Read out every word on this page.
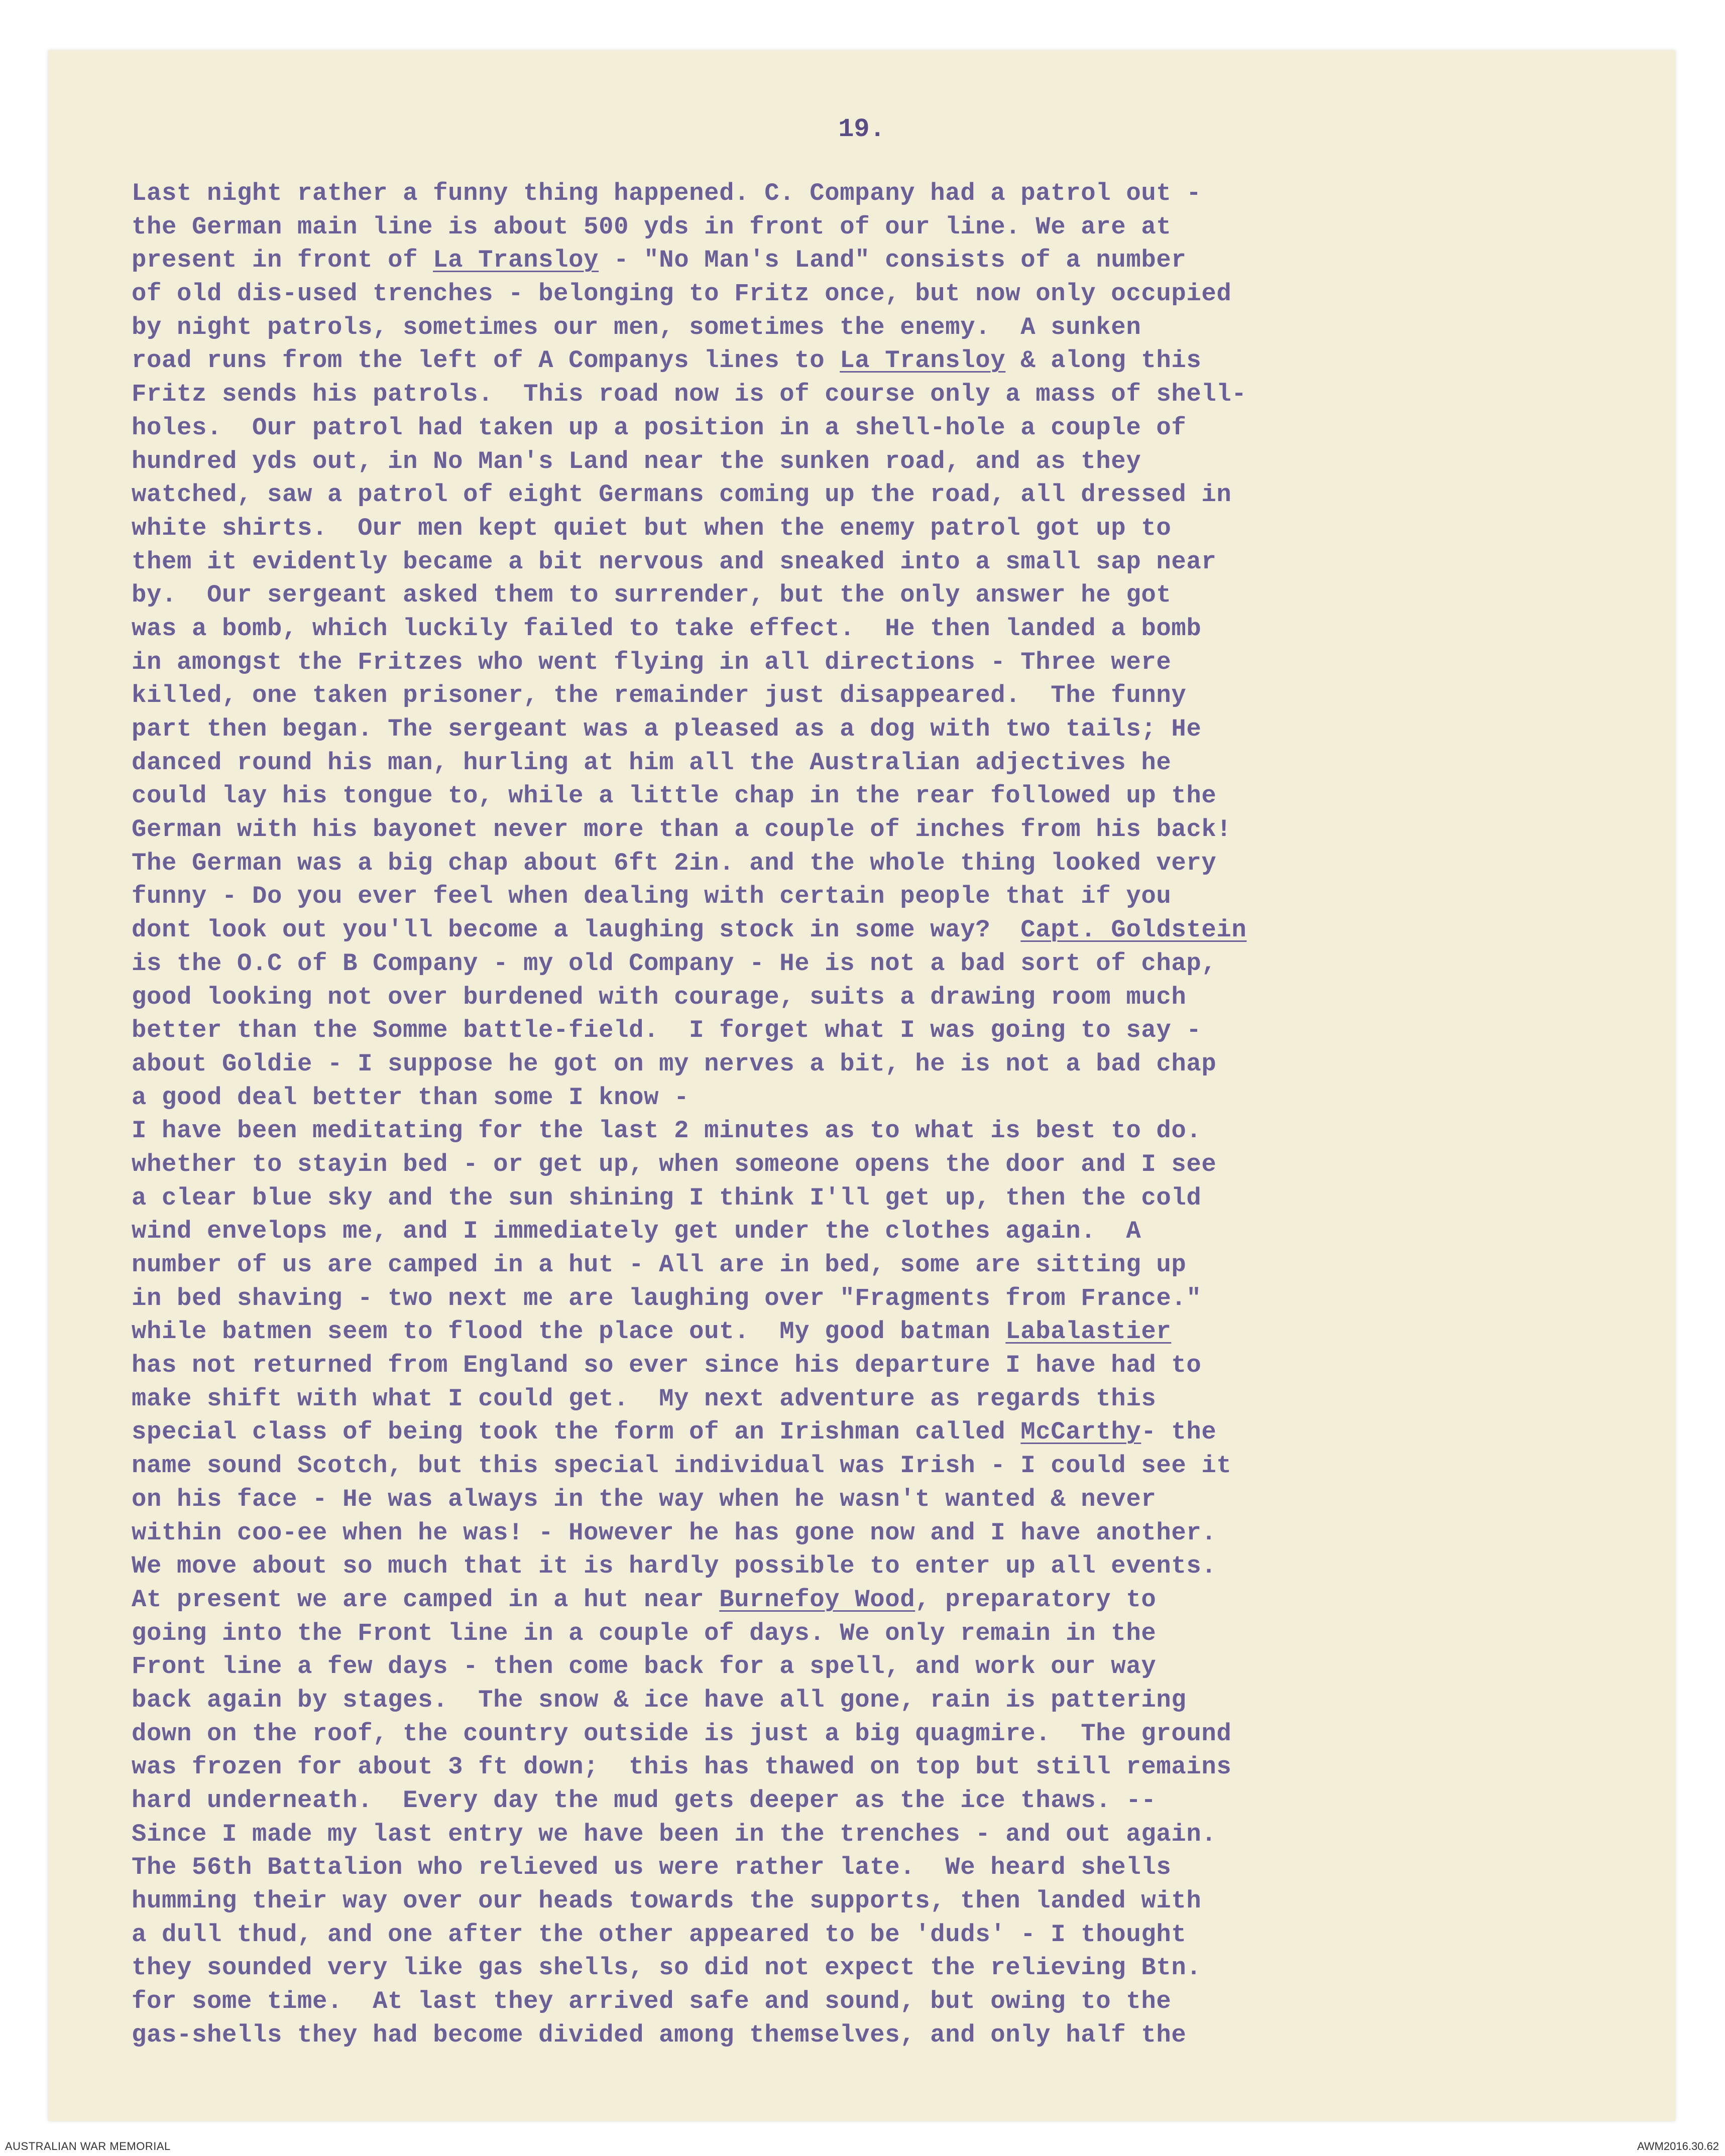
19.
Last night rather a funny thing happened. C. Company had a patrol out -
the German main line is about 500 yds in front of our line. We are at
present in front of La Transloy - "No Man's Land" consists of a number
of old dis-used trenches - belonging to Fritz once, but now only occupied
by night patrols, sometimes our men, sometimes the enemy.  A sunken
road runs from the left of A Companys lines to La Transloy & along this
Fritz sends his patrols.  This road now is of course only a mass of shell-
holes.  Our patrol had taken up a position in a shell-hole a couple of
hundred yds out, in No Man's Land near the sunken road, and as they
watched, saw a patrol of eight Germans coming up the road, all dressed in
white shirts.  Our men kept quiet but when the enemy patrol got up to
them it evidently became a bit nervous and sneaked into a small sap near
by.  Our sergeant asked them to surrender, but the only answer he got
was a bomb, which luckily failed to take effect.  He then landed a bomb
in amongst the Fritzes who went flying in all directions - Three were
killed, one taken prisoner, the remainder just disappeared.  The funny
part then began. The sergeant was a pleased as a dog with two tails; He
danced round his man, hurling at him all the Australian adjectives he
could lay his tongue to, while a little chap in the rear followed up the
German with his bayonet never more than a couple of inches from his back!
The German was a big chap about 6ft 2in. and the whole thing looked very
funny - Do you ever feel when dealing with certain people that if you
dont look out you'll become a laughing stock in some way?  Capt. Goldstein
is the O.C of B Company - my old Company - He is not a bad sort of chap,
good looking not over burdened with courage, suits a drawing room much
better than the Somme battle-field.  I forget what I was going to say -
about Goldie - I suppose he got on my nerves a bit, he is not a bad chap
a good deal better than some I know -
I have been meditating for the last 2 minutes as to what is best to do.
whether to stayin bed - or get up, when someone opens the door and I see
a clear blue sky and the sun shining I think I'll get up, then the cold
wind envelops me, and I immediately get under the clothes again.  A
number of us are camped in a hut - All are in bed, some are sitting up
in bed shaving - two next me are laughing over "Fragments from France."
while batmen seem to flood the place out.  My good batman Labalastier
has not returned from England so ever since his departure I have had to
make shift with what I could get.  My next adventure as regards this
special class of being took the form of an Irishman called McCarthy- the
name sound Scotch, but this special individual was Irish - I could see it
on his face - He was always in the way when he wasn't wanted & never
within coo-ee when he was! - However he has gone now and I have another.
We move about so much that it is hardly possible to enter up all events.
At present we are camped in a hut near Burnefoy Wood, preparatory to
going into the Front line in a couple of days. We only remain in the
Front line a few days - then come back for a spell, and work our way
back again by stages.  The snow & ice have all gone, rain is pattering
down on the roof, the country outside is just a big quagmire.  The ground
was frozen for about 3 ft down;  this has thawed on top but still remains
hard underneath.  Every day the mud gets deeper as the ice thaws. --
Since I made my last entry we have been in the trenches - and out again.
The 56th Battalion who relieved us were rather late.  We heard shells
humming their way over our heads towards the supports, then landed with
a dull thud, and one after the other appeared to be 'duds' - I thought
they sounded very like gas shells, so did not expect the relieving Btn.
for some time.  At last they arrived safe and sound, but owing to the
gas-shells they had become divided among themselves, and only half the
AUSTRALIAN WAR MEMORIAL	AWM2016.30.62
